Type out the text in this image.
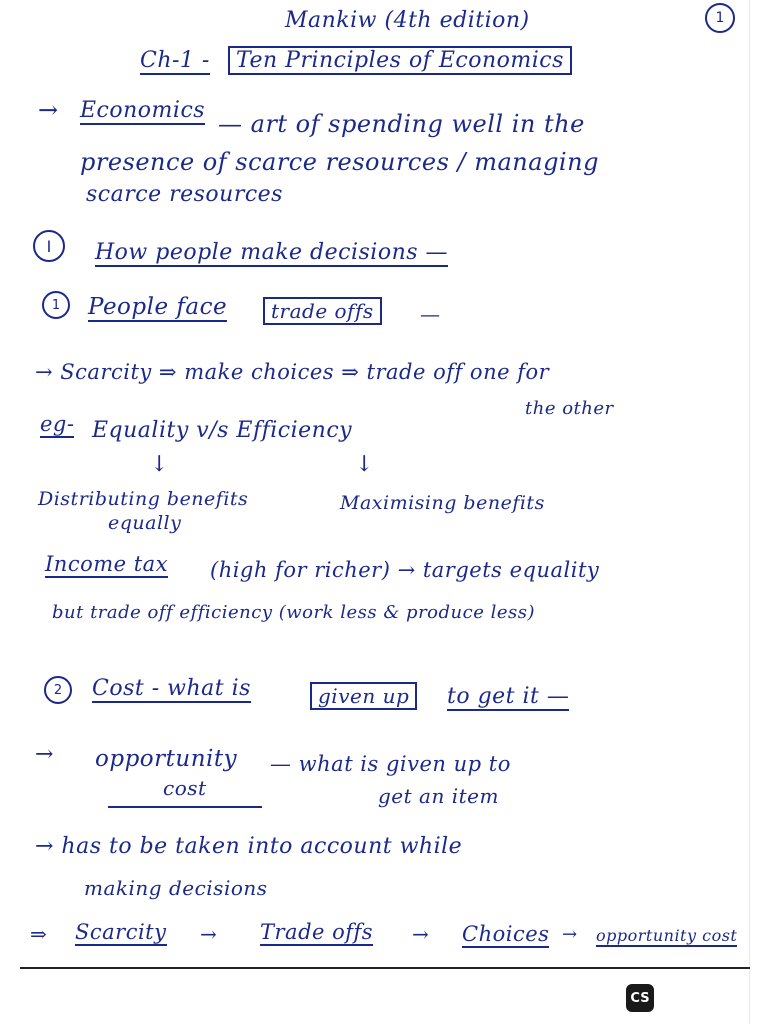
Mankiw (4th edition)	1
Ch-1 -	Ten Principles of Economics
→ Economics — art of spending well in the
presence of scarce resources / managing
scarce resources
I How people make decisions —
1 People face	trade offs	—
→ Scarcity ⇒ make choices ⇒ trade off one for
the other
eg- Equality v/s Efficiency
↓	↓
Distributing benefits
equally
Maximising benefits
Income tax (high for richer) → targets equality
but trade off efficiency (work less & produce less)
2 Cost - what is	given up	to get it —
→ opportunity
cost
— what is given up to
get an item
→ has to be taken into account while
making decisions
⇒ Scarcity → Trade offs → Choices → opportunity cost
CS
